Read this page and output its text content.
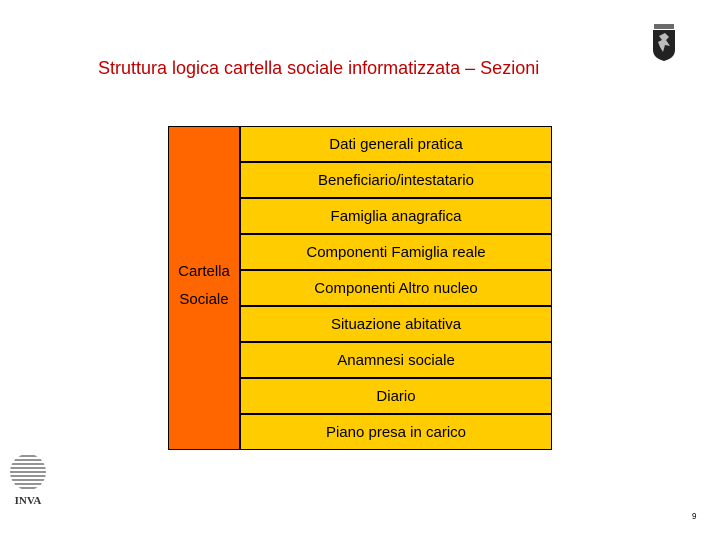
Struttura logica cartella sociale informatizzata – Sezioni
Cartella
Sociale
Dati generali pratica
Beneficiario/intestatario
Famiglia anagrafica
Componenti Famiglia reale
Componenti Altro nucleo
Situazione abitativa
Anamnesi sociale
Diario
Piano presa in carico
INVA
9
